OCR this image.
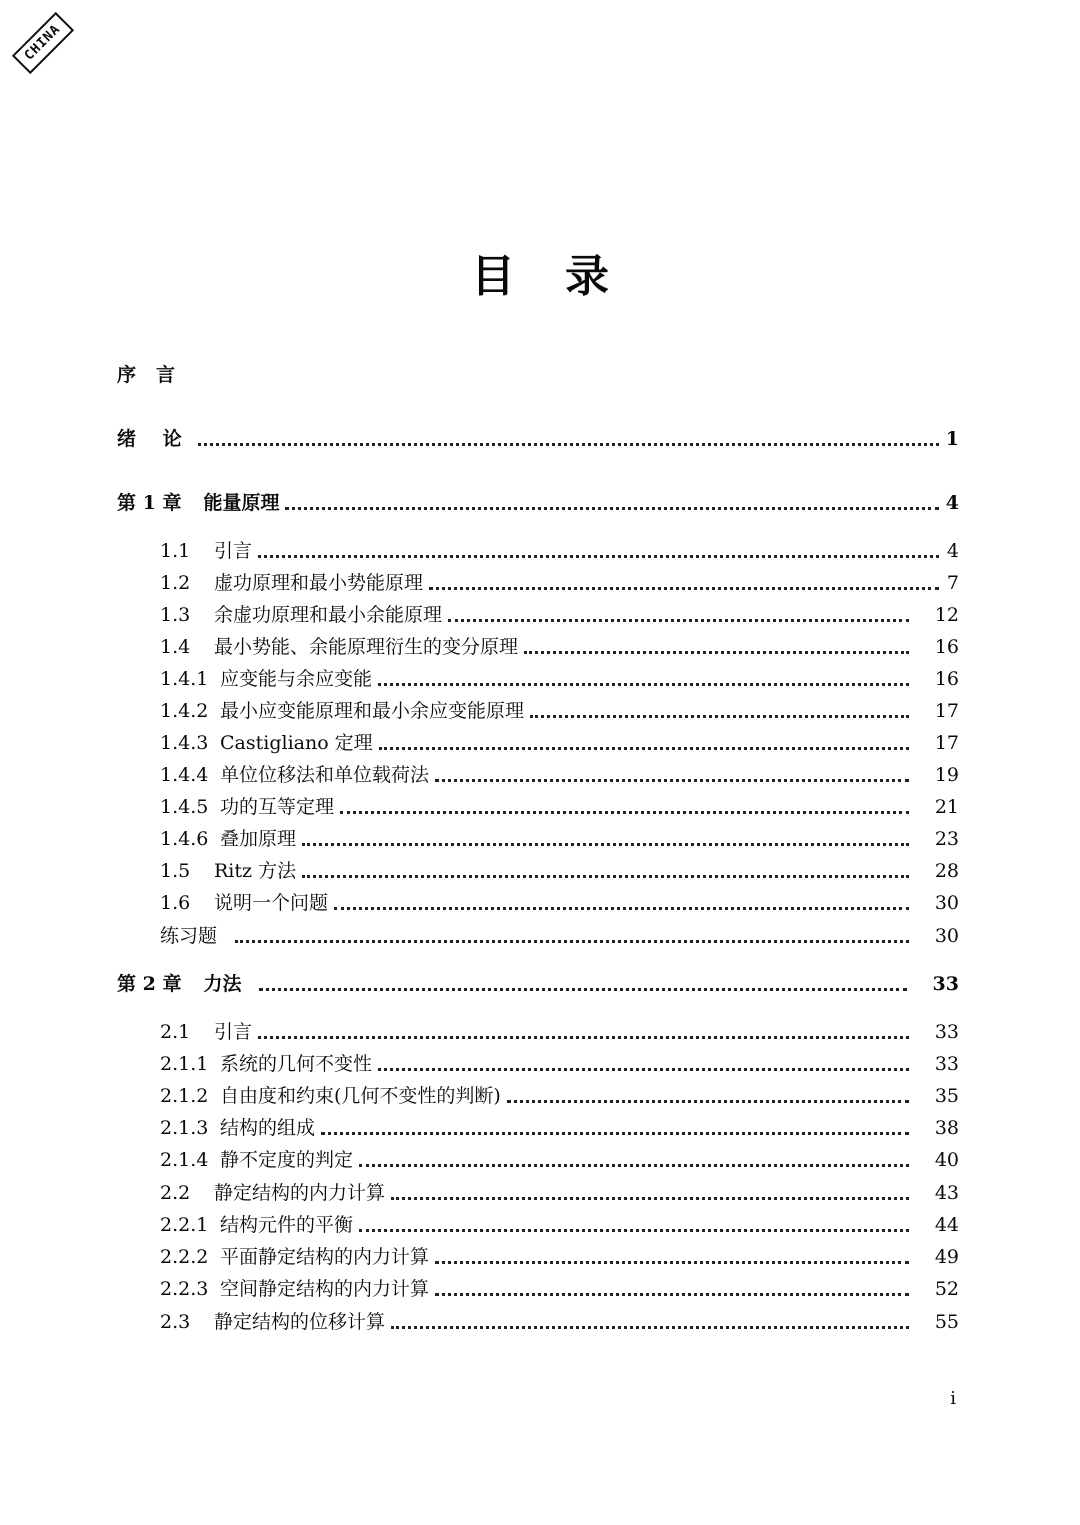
CHINA
目录
序言
绪 论	1
第 1 章 能量原理	4
1.1	引言	4
1.2	虚功原理和最小势能原理	7
1.3	余虚功原理和最小余能原理	12
1.4	最小势能、余能原理衍生的变分原理	16
1.4.1 应变能与余应变能	16
1.4.2 最小应变能原理和最小余应变能原理	17
1.4.3 Castigliano 定理	17
1.4.4 单位位移法和单位载荷法	19
1.4.5 功的互等定理	21
1.4.6 叠加原理	23
1.5	Ritz 方法	28
1.6	说明一个问题	30
练习题	30
第 2 章 力法	33
2.1	引言	33
2.1.1 系统的几何不变性	33
2.1.2 自由度和约束(几何不变性的判断)	35
2.1.3 结构的组成	38
2.1.4 静不定度的判定	40
2.2	静定结构的内力计算	43
2.2.1 结构元件的平衡	44
2.2.2 平面静定结构的内力计算	49
2.2.3 空间静定结构的内力计算	52
2.3	静定结构的位移计算	55
i
